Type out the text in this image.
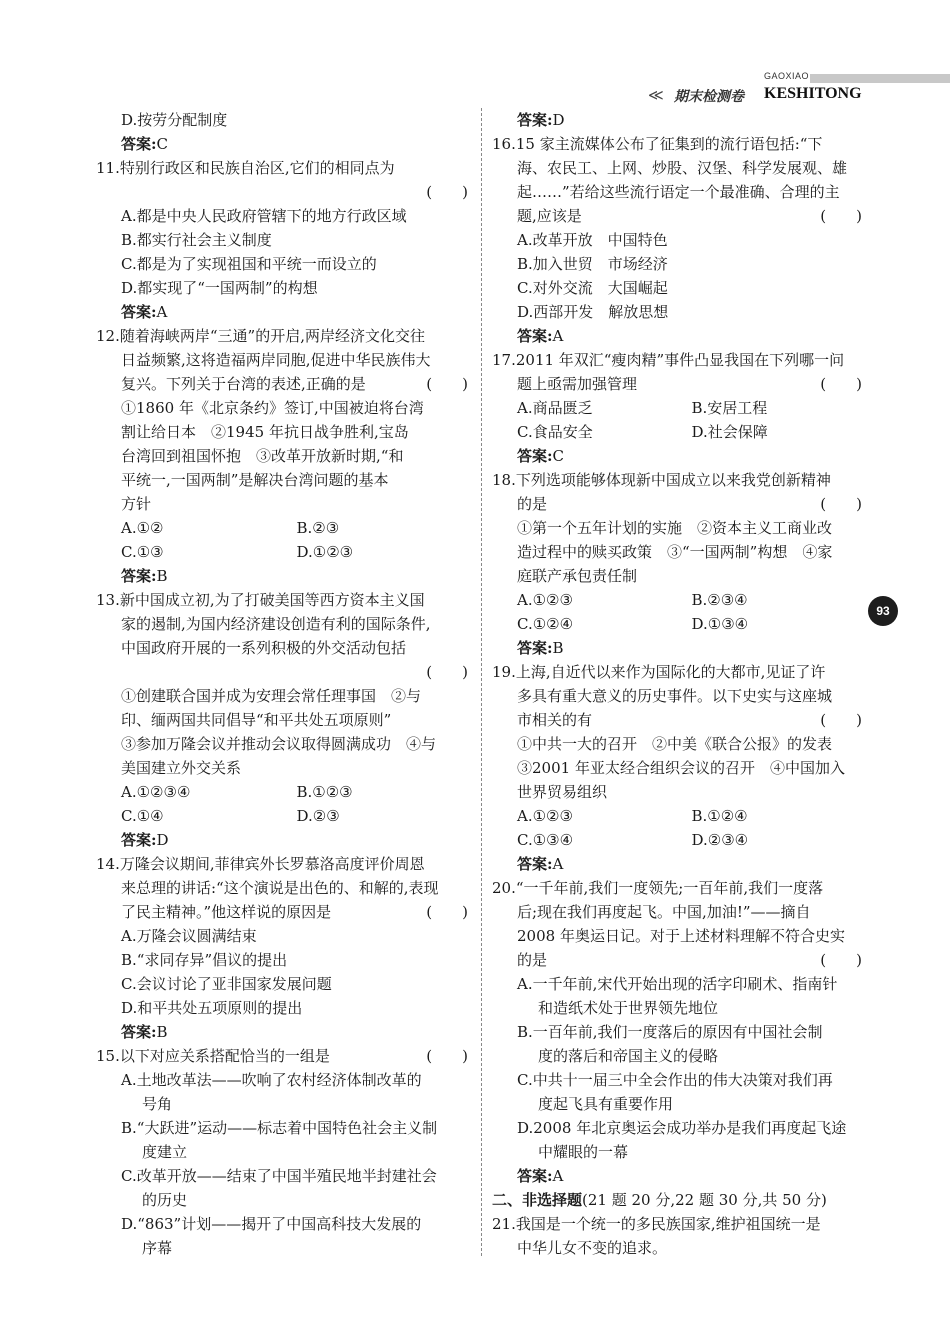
GAOXIAO
≪ 期末检测卷 KESHITONG
93
D.按劳分配制度
答案:C
11.特别行政区和民族自治区,它们的相同点为
(　　)
A.都是中央人民政府管辖下的地方行政区域
B.都实行社会主义制度
C.都是为了实现祖国和平统一而设立的
D.都实现了“一国两制”的构想
答案:A
12.随着海峡两岸“三通”的开启,两岸经济文化交往
日益频繁,这将造福两岸同胞,促进中华民族伟大
复兴。下列关于台湾的表述,正确的是	(　　)
①1860 年《北京条约》签订,中国被迫将台湾
割让给日本　②1945 年抗日战争胜利,宝岛
台湾回到祖国怀抱　③改革开放新时期,“和
平统一,一国两制”是解决台湾问题的基本
方针
A.①②	B.②③
C.①③	D.①②③
答案:B
13.新中国成立初,为了打破美国等西方资本主义国
家的遏制,为国内经济建设创造有利的国际条件,
中国政府开展的一系列积极的外交活动包括
(　　)
①创建联合国并成为安理会常任理事国　②与
印、缅两国共同倡导“和平共处五项原则”
③参加万隆会议并推动会议取得圆满成功　④与
美国建立外交关系
A.①②③④	B.①②③
C.①④	D.②③
答案:D
14.万隆会议期间,菲律宾外长罗慕洛高度评价周恩
来总理的讲话:“这个演说是出色的、和解的,表现
了民主精神。”他这样说的原因是	(　　)
A.万隆会议圆满结束
B.“求同存异”倡议的提出
C.会议讨论了亚非国家发展问题
D.和平共处五项原则的提出
答案:B
15.以下对应关系搭配恰当的一组是	(　　)
A.土地改革法——吹响了农村经济体制改革的
号角
B.“大跃进”运动——标志着中国特色社会主义制
度建立
C.改革开放——结束了中国半殖民地半封建社会
的历史
D.“863”计划——揭开了中国高科技大发展的
序幕
答案:D
16.15 家主流媒体公布了征集到的流行语包括:“下
海、农民工、上网、炒股、汉堡、科学发展观、雄
起……”若给这些流行语定一个最准确、合理的主
题,应该是	(　　)
A.改革开放　中国特色
B.加入世贸　市场经济
C.对外交流　大国崛起
D.西部开发　解放思想
答案:A
17.2011 年双汇“瘦肉精”事件凸显我国在下列哪一问
题上亟需加强管理	(　　)
A.商品匮乏	B.安居工程
C.食品安全	D.社会保障
答案:C
18.下列选项能够体现新中国成立以来我党创新精神
的是	(　　)
①第一个五年计划的实施　②资本主义工商业改
造过程中的赎买政策　③“一国两制”构想　④家
庭联产承包责任制
A.①②③	B.②③④
C.①②④	D.①③④
答案:B
19.上海,自近代以来作为国际化的大都市,见证了许
多具有重大意义的历史事件。以下史实与这座城
市相关的有	(　　)
①中共一大的召开　②中美《联合公报》的发表
③2001 年亚太经合组织会议的召开　④中国加入
世界贸易组织
A.①②③	B.①②④
C.①③④	D.②③④
答案:A
20.“一千年前,我们一度领先;一百年前,我们一度落
后;现在我们再度起飞。中国,加油!”——摘自
2008 年奥运日记。对于上述材料理解不符合史实
的是	(　　)
A.一千年前,宋代开始出现的活字印刷术、指南针
和造纸术处于世界领先地位
B.一百年前,我们一度落后的原因有中国社会制
度的落后和帝国主义的侵略
C.中共十一届三中全会作出的伟大决策对我们再
度起飞具有重要作用
D.2008 年北京奥运会成功举办是我们再度起飞途
中耀眼的一幕
答案:A
二、非选择题(21 题 20 分,22 题 30 分,共 50 分)
21.我国是一个统一的多民族国家,维护祖国统一是
中华儿女不变的追求。
